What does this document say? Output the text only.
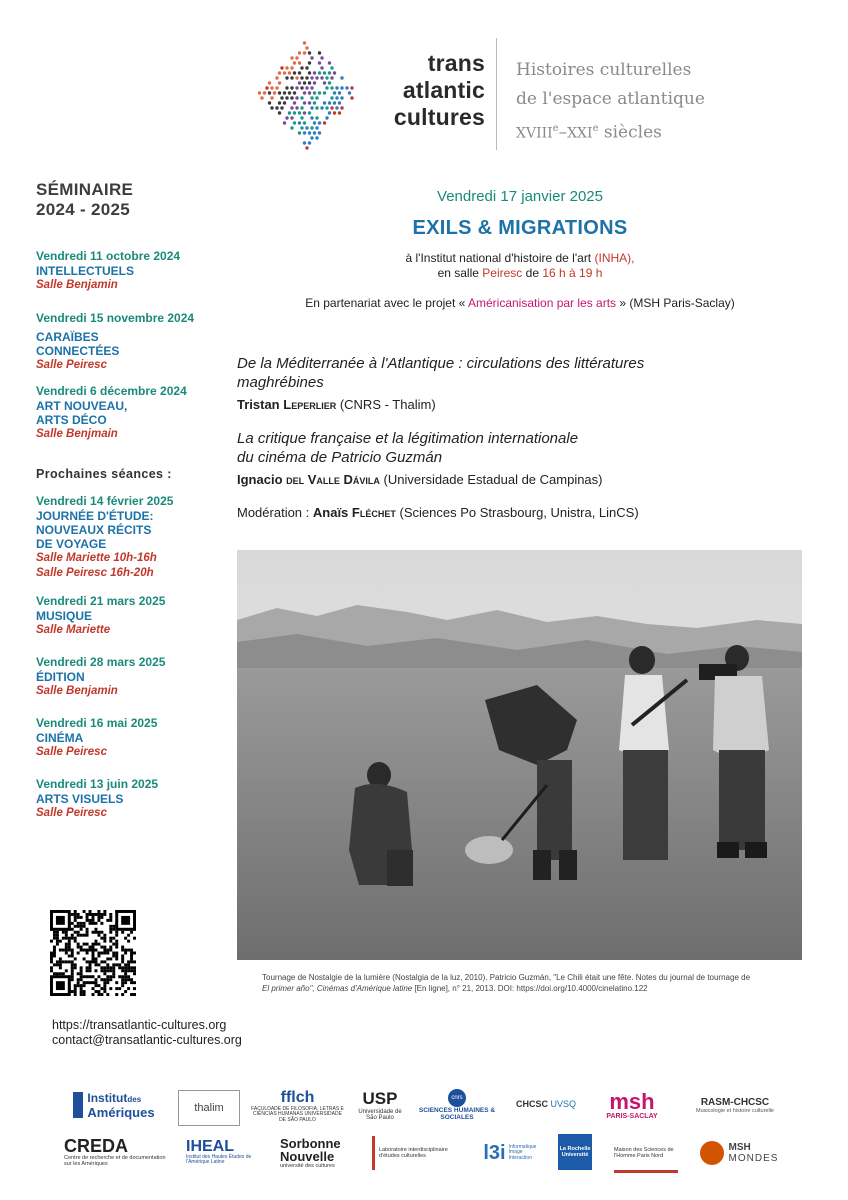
trans
atlantic
cultures
Histoires culturelles
de l'espace atlantique
XVIIIe–XXIe siècles
SÉMINAIRE
2024 - 2025
Vendredi 11 octobre 2024
INTELLECTUELS
Salle Benjamin
Vendredi 15 novembre 2024
CARAÏBES
CONNECTÉES
Salle Peiresc
Vendredi 6 décembre 2024
ART NOUVEAU,
ARTS DÉCO
Salle Benjmain
Prochaines séances :
Vendredi 14 février 2025
JOURNÉE D'ÉTUDE:
NOUVEAUX RÉCITS
DE VOYAGE
Salle Mariette 10h-16h
Salle Peiresc 16h-20h
Vendredi 21 mars 2025
MUSIQUE
Salle Mariette
Vendredi 28 mars 2025
ÉDITION
Salle Benjamin
Vendredi 16 mai 2025
CINÉMA
Salle Peiresc
Vendredi 13 juin 2025
ARTS VISUELS
Salle Peiresc
Vendredi 17 janvier 2025
EXILS & MIGRATIONS
à l'Institut national d'histoire de l'art (INHA),
en salle Peiresc de 16 h à 19 h
En partenariat avec le projet « Américanisation par les arts » (MSH Paris-Saclay)
De la Méditerranée à l'Atlantique : circulations des littératures
maghrébines
Tristan Leperlier (CNRS - Thalim)
La critique française et la légitimation internationale
du cinéma de Patricio Guzmán
Ignacio del Valle Dávila (Universidade Estadual de Campinas)
Modération : Anaïs Fléchet (Sciences Po Strasbourg, Unistra, LinCS)
Tournage de Nostalgie de la lumière (Nostalgia de la luz, 2010). Patricio Guzmán, "Le Chili était une fête. Notes du journal de tournage de
El primer año", Cinémas d'Amérique latine [En ligne], n° 21, 2013. DOI: https://doi.org/10.4000/cinelatino.122
https://transatlantic-cultures.org
contact@transatlantic-cultures.org
Institutdes
Amériques	thalim
fflch
FACULDADE DE FILOSOFIA, LETRAS E CIÊNCIAS HUMANAS UNIVERSIDADE DE SÃO PAULO
USP
Universidade de São Paulo
cnrs
SCIENCES HUMAINES & SOCIALES
CHCSC
UVSQ msh
PARIS-SACLAY
RASM-CHCSC
Musicologie et histoire culturelle
CREDA
Centre de recherche et de documentation sur les Amériques
IHEAL
Institut des Hautes Études de l'Amérique Latine
Sorbonne
Nouvelle
université des cultures
Laboratoire interdisciplinaire d'études culturelles	l3i Informatique Image Interaction
La Rochelle Université
Maison des Sciences de l'Homme Paris Nord
MSH
MONDES
